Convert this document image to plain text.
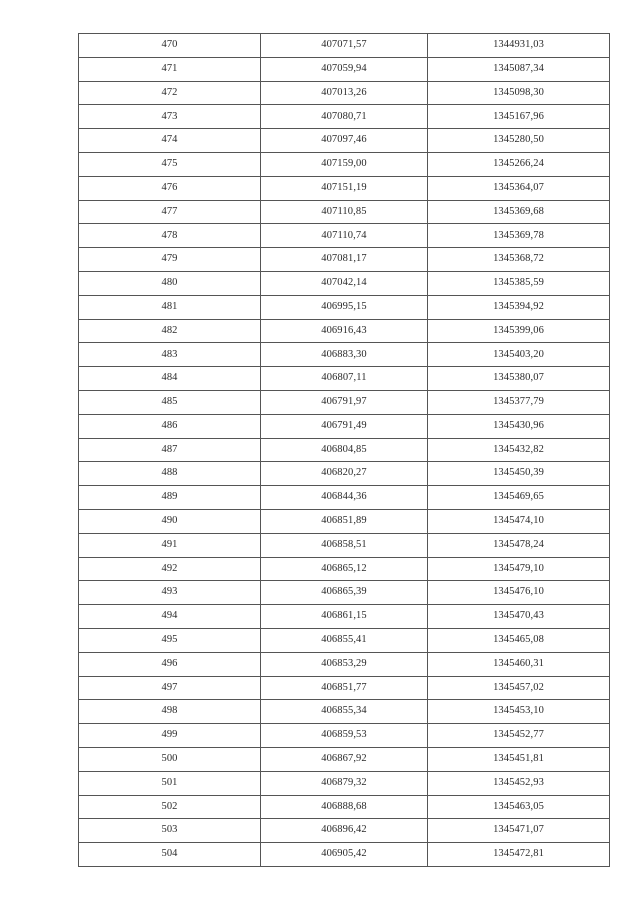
470	407071,57	1344931,03
471	407059,94	1345087,34
472	407013,26	1345098,30
473	407080,71	1345167,96
474	407097,46	1345280,50
475	407159,00	1345266,24
476	407151,19	1345364,07
477	407110,85	1345369,68
478	407110,74	1345369,78
479	407081,17	1345368,72
480	407042,14	1345385,59
481	406995,15	1345394,92
482	406916,43	1345399,06
483	406883,30	1345403,20
484	406807,11	1345380,07
485	406791,97	1345377,79
486	406791,49	1345430,96
487	406804,85	1345432,82
488	406820,27	1345450,39
489	406844,36	1345469,65
490	406851,89	1345474,10
491	406858,51	1345478,24
492	406865,12	1345479,10
493	406865,39	1345476,10
494	406861,15	1345470,43
495	406855,41	1345465,08
496	406853,29	1345460,31
497	406851,77	1345457,02
498	406855,34	1345453,10
499	406859,53	1345452,77
500	406867,92	1345451,81
501	406879,32	1345452,93
502	406888,68	1345463,05
503	406896,42	1345471,07
504	406905,42	1345472,81
